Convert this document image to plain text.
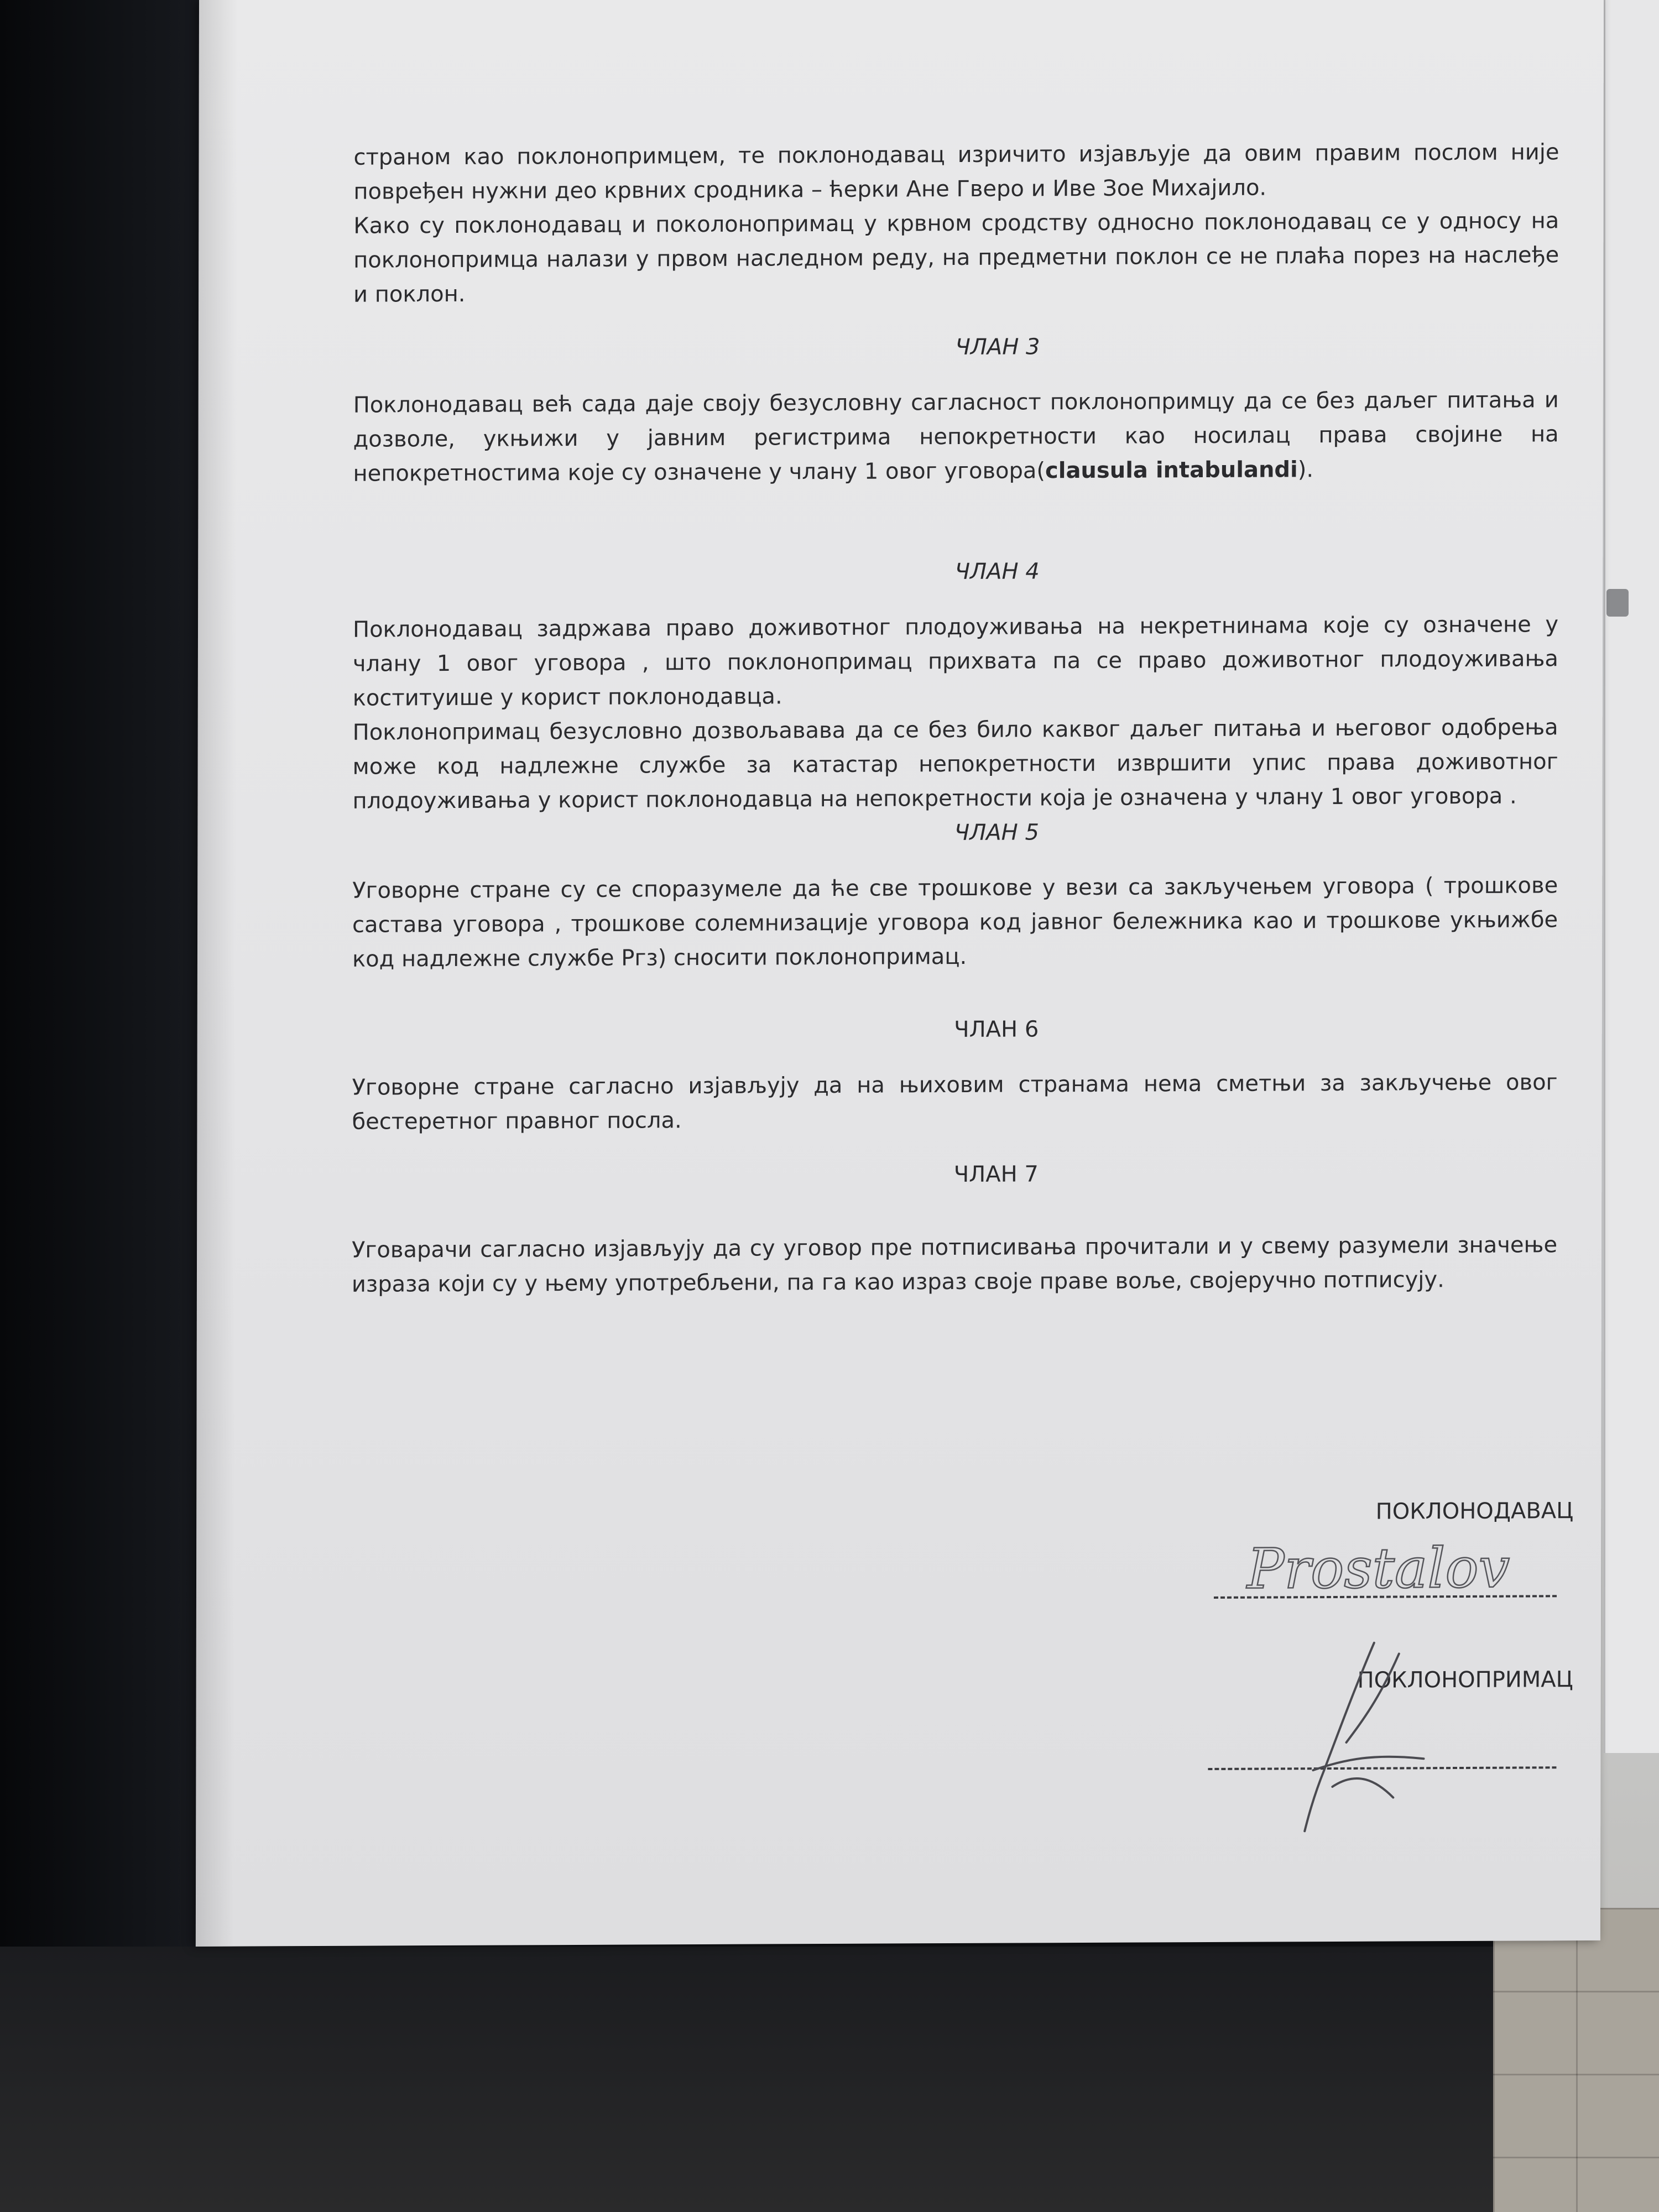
страном као поклонопримцем, те поклонодавац изричито изјављује да овим правим послом није повређен нужни део крвних сродника – ћерки Ане Гверо и Иве Зое Михајило.

Како су поклонодавац и поколонопримац у крвном сродству односно поклонодавац се у односу на поклонопримца налази у првом наследном реду, на предметни поклон се не плаћа порез на наслеђе и поклон.

ЧЛАН 3

Поклонодавац већ сада даје своју безусловну сагласност поклонопримцу да се без даљег питања и дозволе, укњижи у јавним регистрима непокретности као носилац права својине на непокретностима које су означене у члану 1 овог уговора(clausula intabulandi).

ЧЛАН 4

Поклонодавац задржава право доживотног плодоуживања на некретнинама које су означене у члану 1 овог уговора , што поклонопримац прихвата па се право доживотног плодоуживања коституише у корист поклонодавца.

Поклонопримац безусловно дозвољавава да се без било каквог даљег питања и његовог одобрења може код надлежне службе за катастар непокретности извршити упис права доживотног плодоуживања у корист поклонодавца на непокретности која је означена у члану 1 овог уговора .

ЧЛАН 5

Уговорне стране су се споразумеле да ће све трошкове у вези са закључењем уговора ( трошкове састава уговора , трошкове солемнизације уговора код јавног бележника као и трошкове укњижбе код надлежне службе Ргз) сносити поклонопримац.

ЧЛАН 6

Уговорне стране сагласно изјављују да на њиховим странама нема сметњи за закључење овог бестеретног правног посла.

ЧЛАН 7

Уговарачи сагласно изјављују да су уговор пре потписивања прочитали и у свему разумели значење израза који су у њему употребљени, па га као израз своје праве воље, својеручно потписују.

ПОКЛОНОДАВАЦ
Prostalov
ПОКЛОНОПРИМАЦ
